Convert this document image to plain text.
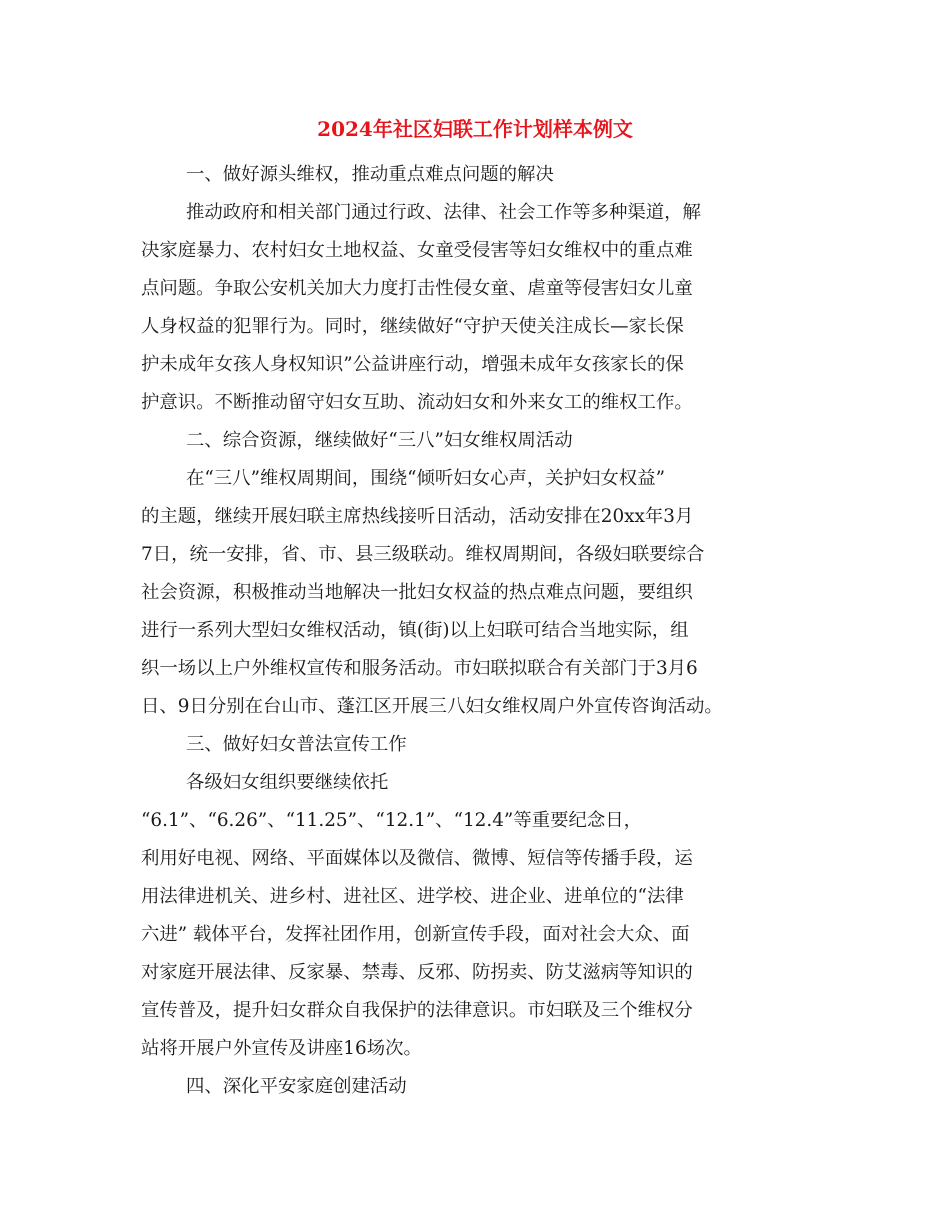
2024年社区妇联工作计划样本例文
一、做好源头维权，推动重点难点问题的解决
推动政府和相关部门通过行政、法律、社会工作等多种渠道，解
决家庭暴力、农村妇女土地权益、女童受侵害等妇女维权中的重点难
点问题。争取公安机关加大力度打击性侵女童、虐童等侵害妇女儿童
人身权益的犯罪行为。同时，继续做好“守护天使关注成长—家长保
护未成年女孩人身权知识”公益讲座行动，增强未成年女孩家长的保
护意识。不断推动留守妇女互助、流动妇女和外来女工的维权工作。
二、综合资源，继续做好“三八”妇女维权周活动
在“三八”维权周期间，围绕“倾听妇女心声，关护妇女权益”
的主题，继续开展妇联主席热线接听日活动，活动安排在20xx年3月
7日，统一安排，省、市、县三级联动。维权周期间，各级妇联要综合
社会资源，积极推动当地解决一批妇女权益的热点难点问题，要组织
进行一系列大型妇女维权活动，镇(街)以上妇联可结合当地实际，组
织一场以上户外维权宣传和服务活动。市妇联拟联合有关部门于3月6
日、9日分别在台山市、蓬江区开展三八妇女维权周户外宣传咨询活动。
三、做好妇女普法宣传工作
各级妇女组织要继续依托
“6.1”、“6.26”、“11.25”、“12.1”、“12.4”等重要纪念日，
利用好电视、网络、平面媒体以及微信、微博、短信等传播手段，运
用法律进机关、进乡村、进社区、进学校、进企业、进单位的“法律
六进” 载体平台，发挥社团作用，创新宣传手段，面对社会大众、面
对家庭开展法律、反家暴、禁毒、反邪、防拐卖、防艾滋病等知识的
宣传普及，提升妇女群众自我保护的法律意识。市妇联及三个维权分
站将开展户外宣传及讲座16场次。
四、深化平安家庭创建活动
